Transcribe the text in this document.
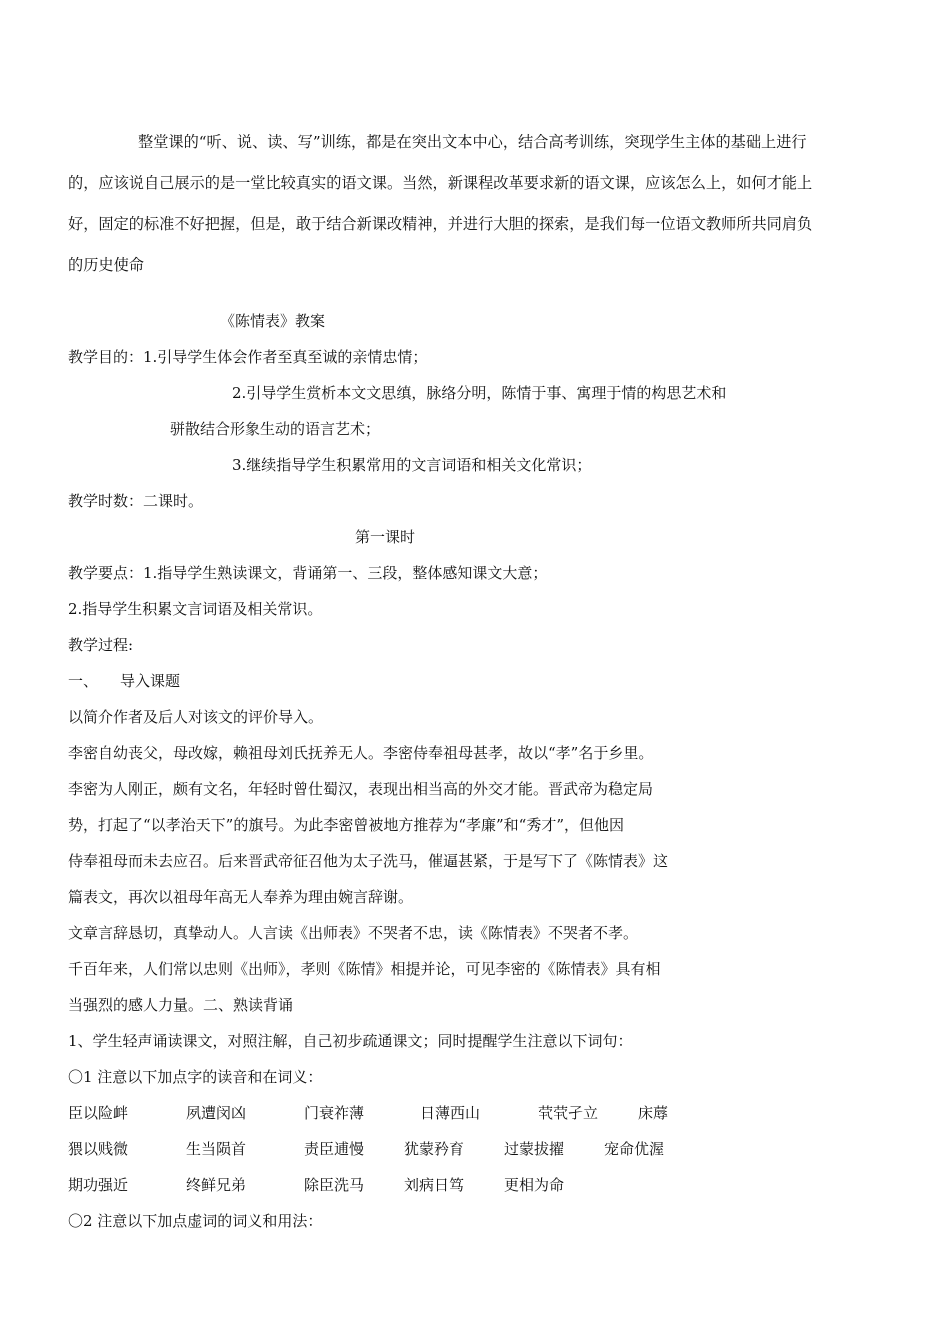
整堂课的“听、说、读、写”训练，都是在突出文本中心，结合高考训练，突现学生主体的基础上进行
的，应该说自己展示的是一堂比较真实的语文课。当然，新课程改革要求新的语文课，应该怎么上，如何才能上
好，固定的标准不好把握，但是，敢于结合新课改精神，并进行大胆的探索，是我们每一位语文教师所共同肩负
的历史使命
《陈情表》教案
教学目的：1.引导学生体会作者至真至诚的亲情忠情；
2.引导学生赏析本文文思缜，脉络分明，陈情于事、寓理于情的构思艺术和
骈散结合形象生动的语言艺术；
3.继续指导学生积累常用的文言词语和相关文化常识；
教学时数：二课时。
第一课时
教学要点：1.指导学生熟读课文，背诵第一、三段，整体感知课文大意；
2.指导学生积累文言词语及相关常识。
教学过程:
一、 导入课题
以简介作者及后人对该文的评价导入。
李密自幼丧父，母改嫁，赖祖母刘氏抚养无人。李密侍奉祖母甚孝，故以“孝”名于乡里。
李密为人刚正，颇有文名，年轻时曾仕蜀汉，表现出相当高的外交才能。晋武帝为稳定局
势，打起了“以孝治天下”的旗号。为此李密曾被地方推荐为“孝廉”和“秀才”，但他因
侍奉祖母而未去应召。后来晋武帝征召他为太子洗马，催逼甚紧，于是写下了《陈情表》这
篇表文，再次以祖母年高无人奉养为理由婉言辞谢。
文章言辞恳切，真挚动人。人言读《出师表》不哭者不忠，读《陈情表》不哭者不孝。
千百年来，人们常以忠则《出师》，孝则《陈情》相提并论，可见李密的《陈情表》具有相
当强烈的感人力量。二、熟读背诵
1、学生轻声诵读课文，对照注解，自己初步疏通课文；同时提醒学生注意以下词句：
〇1 注意以下加点字的读音和在词义：
臣以险衅	夙遭闵凶	门衰祚薄	日薄西山	茕茕孑立	床蓐
猥以贱微	生当陨首	责臣逋慢	犹蒙矜育	过蒙拔擢	宠命优渥
期功强近	终鲜兄弟	除臣洗马	刘病日笃	更相为命
〇2 注意以下加点虚词的词义和用法：
